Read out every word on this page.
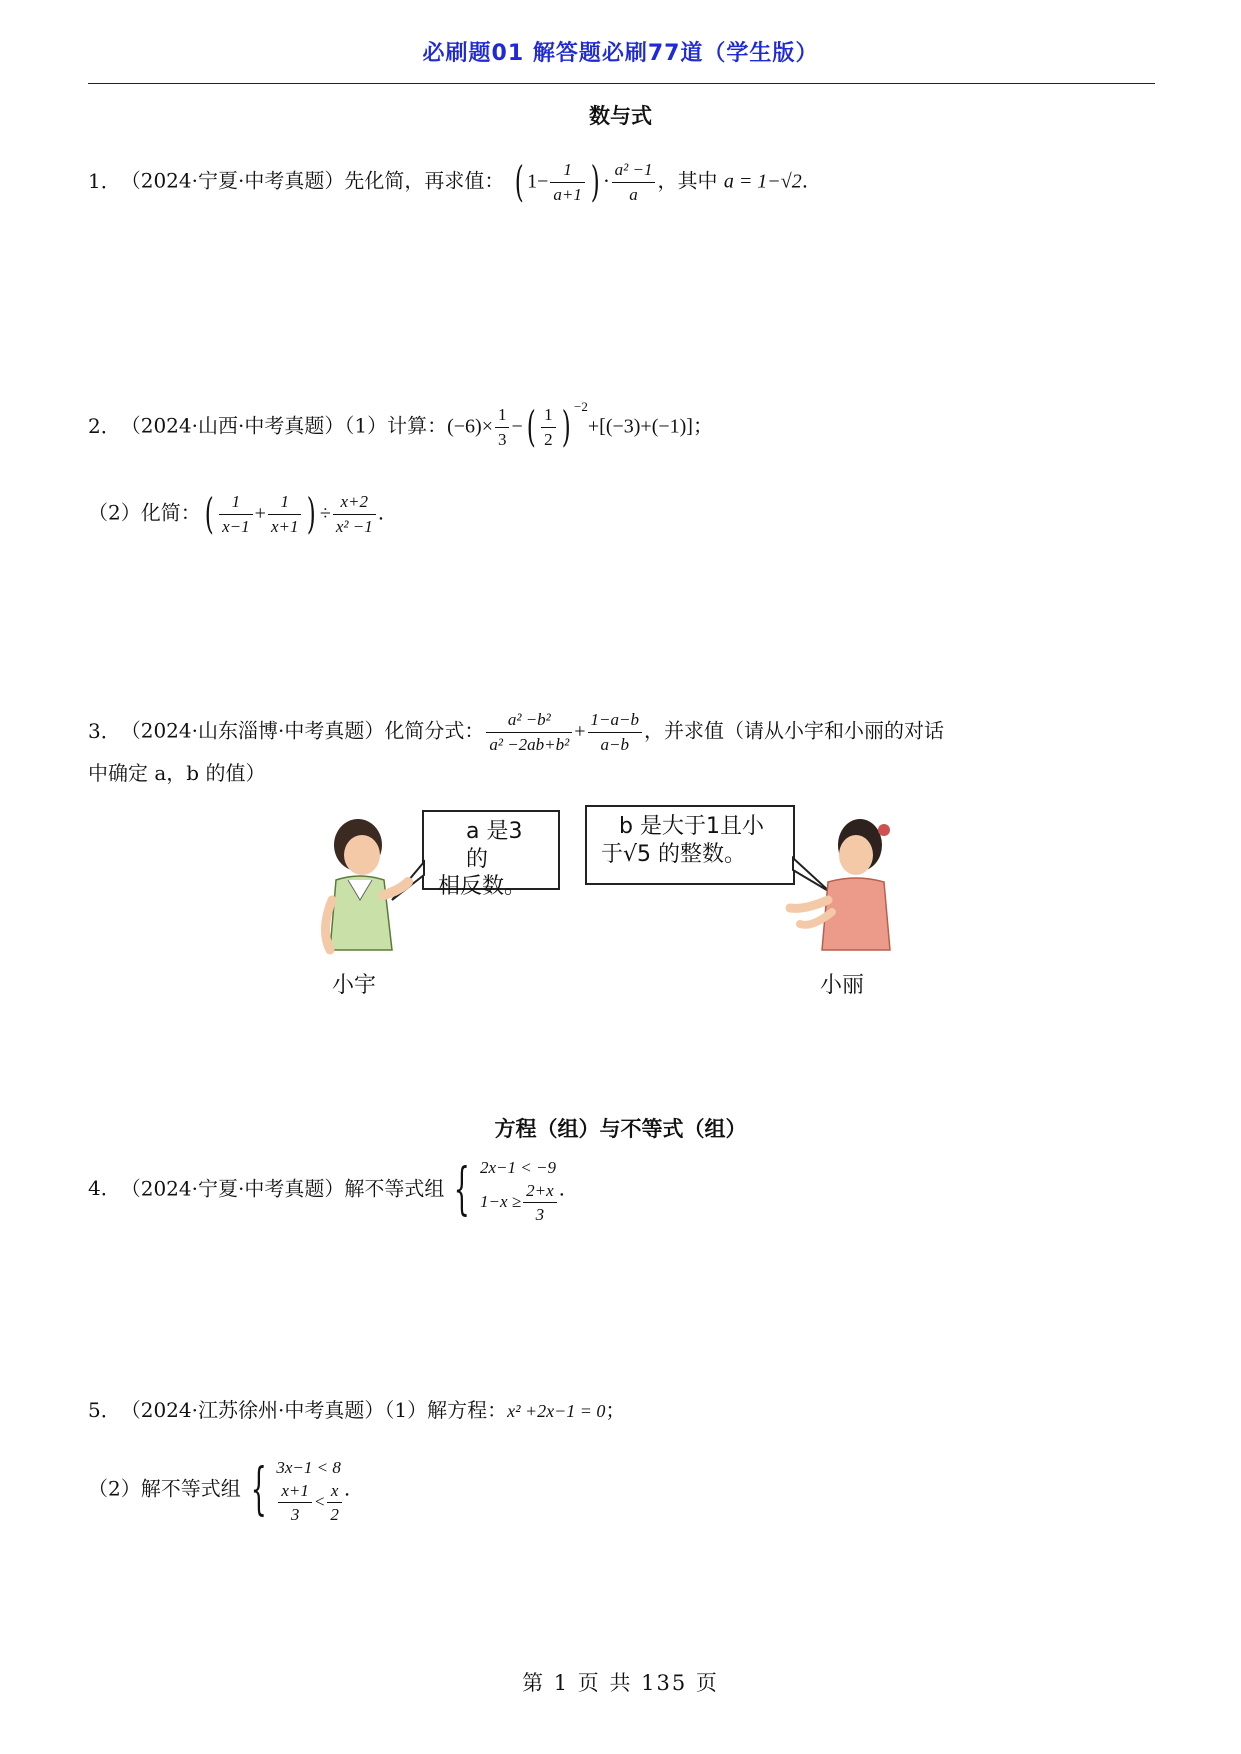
必刷题01 解答题必刷77道（学生版）
数与式
1． （2024·宁夏·中考真题）先化简，再求值： ( $1- \frac{1}{a+1}$ ) · $\frac{\text{a² −1}}{a}$ ，其中 a = 1−√2.
2． （2024·山西·中考真题）（1）计算：$(-6)\times \frac{1}{3}$ −( $\frac{1}{2}$ ) $^{-2}$+[(−3)+(−1)]；
（2）化简：( $\frac{1}{x-1} + \frac{1}{x+1}$ ) ÷ $\frac{x+2}{\text{x² −1}}$ .
3． （2024·山东淄博·中考真题）化简分式： $\frac{\text{a² −b²}}{\text{a² −2ab+b²}} + \frac{1-a-b}{a-b}$ ，并求值（请从小宇和小丽的对话
中确定 a，b 的值）
a 是3的
相反数。
b 是大于1且小
于√5 的整数。
小宇	小丽
方程（组）与不等式（组）
4． （2024·宁夏·中考真题）解不等式组 { 2x−1 < −9
$1-x \ge \frac{2+x}{3}$ .
5． （2024·江苏徐州·中考真题）（1）解方程：x² +2x−1 = 0；
（2）解不等式组 { 3x−1 < 8
$\frac{x+1}{3} < \frac{x}{2}$ .
第 1 页 共 135 页
